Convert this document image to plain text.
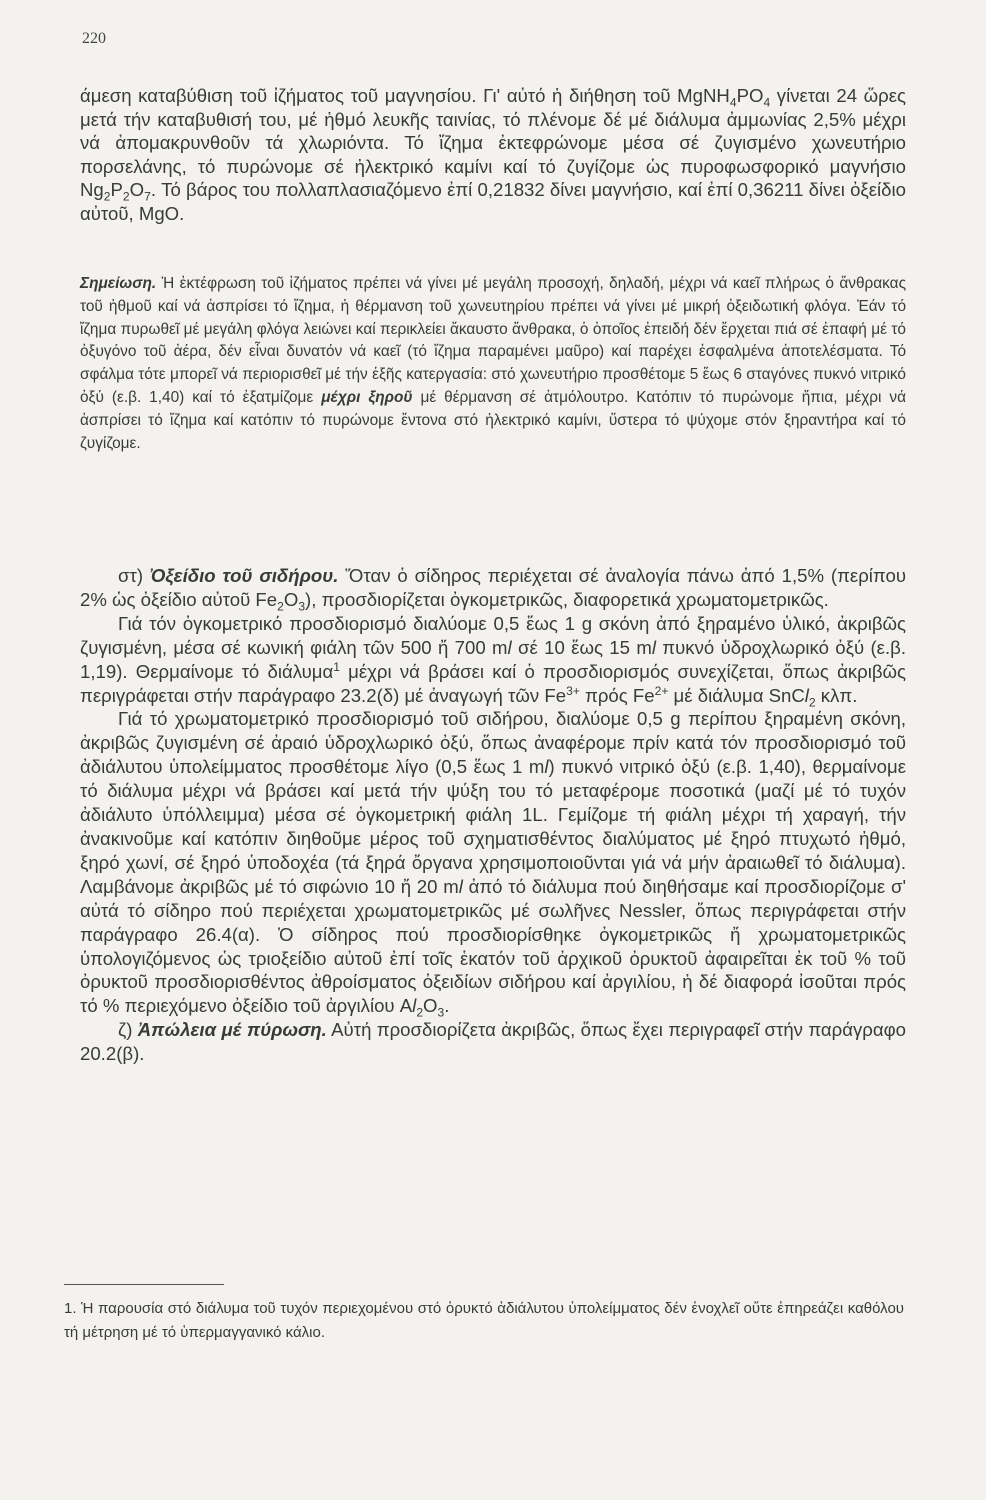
220
άμεση καταβύθιση τοῦ ἰζήματος τοῦ μαγνησίου. Γι' αὐτό ἡ διήθηση τοῦ $MgNH_4PO_4$ γίνεται 24 ὥρες μετά τήν καταβυθισή του, μέ ἠθμό λευκῆς ταινίας, τό πλένομε δέ μέ διάλυμα ἀμμωνίας 2,5% μέχρι νά ἀπομακρυνθοῦν τά χλωριόντα. Τό ἴζημα ἐκτεφρώνομε μέσα σέ ζυγισμένο χωνευτήριο πορσελάνης, τό πυρώνομε σέ ἠλεκτρικό καμίνι καί τό ζυγίζομε ὡς πυροφωσφορικό μαγνήσιο $Ng_2P_2O_7$. Τό βάρος του πολλαπλασιαζόμενο ἐπί 0,21832 δίνει μαγνήσιο, καί ἐπί 0,36211 δίνει ὀξείδιο αὐτοῦ, MgO.
Σημείωση. Ἡ ἐκτέφρωση τοῦ ἰζήματος πρέπει νά γίνει μέ μεγάλη προσοχή, δηλαδή, μέχρι νά καεῖ πλήρως ὁ ἄνθρακας τοῦ ἠθμοῦ καί νά ἀσπρίσει τό ἴζημα, ἡ θέρμανση τοῦ χωνευτηρίου πρέπει νά γίνει μέ μικρή ὀξειδωτική φλόγα. Ἐάν τό ἴζημα πυρωθεῖ μέ μεγάλη φλόγα λειώνει καί περικλείει ἄκαυστο ἄνθρακα, ὁ ὁποῖος ἐπειδή δέν ἔρχεται πιά σέ ἐπαφή μέ τό ὀξυγόνο τοῦ ἀέρα, δέν εἶναι δυνατόν νά καεῖ (τό ἴζημα παραμένει μαῦρο) καί παρέχει ἐσφαλμένα ἀποτελέσματα. Τό σφάλμα τότε μπορεῖ νά περιορισθεῖ μέ τήν ἑξῆς κατεργασία: στό χωνευτήριο προσθέτομε 5 ἕως 6 σταγόνες πυκνό νιτρικό ὀξύ (ε.β. 1,40) καί τό ἐξατμίζομε μέχρι ξηροῦ μέ θέρμανση σέ ἀτμόλουτρο. Κατόπιν τό πυρώνομε ἤπια, μέχρι νά ἀσπρίσει τό ἴζημα καί κατόπιν τό πυρώνομε ἔντονα στό ἠλεκτρικό καμίνι, ὕστερα τό ψύχομε στόν ξηραντήρα καί τό ζυγίζομε.

στ) Ὀξείδιο τοῦ σιδήρου. Ὅταν ὁ σίδηρος περιέχεται σέ ἀναλογία πάνω ἀπό 1,5% (περίπου 2% ὡς ὀξείδιο αὐτοῦ $Fe_2O_3$), προσδιορίζεται ὀγκομετρικῶς, διαφορετικά χρωματομετρικῶς.

Γιά τόν ὀγκομετρικό προσδιορισμό διαλύομε 0,5 ἕως 1 g σκόνη ἀπό ξηραμένο ὑλικό, ἀκριβῶς ζυγισμένη, μέσα σέ κωνική φιάλη τῶν 500 ἤ 700 ml σέ 10 ἕως 15 ml πυκνό ὑδροχλωρικό ὀξύ (ε.β. 1,19). Θερμαίνομε τό διάλυμα$^1$ μέχρι νά βράσει καί ὁ προσδιορισμός συνεχίζεται, ὅπως ἀκριβῶς περιγράφεται στήν παράγραφο 23.2(δ) μέ ἀναγωγή τῶν $Fe^{3+}$ πρός $Fe^{2+}$ μέ διάλυμα SnCl$_2$ κλπ.

Γιά τό χρωματομετρικό προσδιορισμό τοῦ σιδήρου, διαλύομε 0,5 g περίπου ξηραμένη σκόνη, ἀκριβῶς ζυγισμένη σέ ἀραιό ὑδροχλωρικό ὀξύ, ὅπως ἀναφέρομε πρίν κατά τόν προσδιορισμό τοῦ ἀδιάλυτου ὑπολείμματος προσθέτομε λίγο (0,5 ἕως 1 ml) πυκνό νιτρικό ὀξύ (ε.β. 1,40), θερμαίνομε τό διάλυμα μέχρι νά βράσει καί μετά τήν ψύξη του τό μεταφέρομε ποσοτικά (μαζί μέ τό τυχόν ἀδιάλυτο ὑπόλλειμμα) μέσα σέ ὀγκομετρική φιάλη 1L. Γεμίζομε τή φιάλη μέχρι τή χαραγή, τήν ἀνακινοῦμε καί κατόπιν διηθοῦμε μέρος τοῦ σχηματισθέντος διαλύματος μέ ξηρό πτυχωτό ἠθμό, ξηρό χωνί, σέ ξηρό ὑποδοχέα (τά ξηρά ὄργανα χρησιμοποιοῦνται γιά νά μήν ἀραιωθεῖ τό διάλυμα). Λαμβάνομε ἀκριβῶς μέ τό σιφώνιο 10 ἤ 20 ml ἀπό τό διάλυμα πού διηθήσαμε καί προσδιορίζομε σ' αὐτά τό σίδηρο πού περιέχεται χρωματομετρικῶς μέ σωλῆνες Nessler, ὅπως περιγράφεται στήν παράγραφο 26.4(α). Ὁ σίδηρος πού προσδιορίσθηκε ὀγκομετρικῶς ἤ χρωματομετρικῶς ὑπολογιζόμενος ὡς τριοξείδιο αὐτοῦ ἐπί τοῖς ἑκατόν τοῦ ἀρχικοῦ ὀρυκτοῦ ἀφαιρεῖται ἐκ τοῦ % τοῦ ὀρυκτοῦ προσδιορισθέντος ἀθροίσματος ὀξειδίων σιδήρου καί ἀργιλίου, ἡ δέ διαφορά ἰσοῦται πρός τό % περιεχόμενο ὀξείδιο τοῦ ἀργιλίου $Al_2O_3$.

ζ) Ἀπώλεια μέ πύρωση. Αὐτή προσδιορίζετα ἀκριβῶς, ὅπως ἔχει περιγραφεῖ στήν παράγραφο 20.2(β).

1. Ἡ παρουσία στό διάλυμα τοῦ τυχόν περιεχομένου στό ὀρυκτό ἀδιάλυτου ὑπολείμματος δέν ἐνοχλεῖ οὔτε ἐπηρεάζει καθόλου τή μέτρηση μέ τό ὑπερμαγγανικό κάλιο.
